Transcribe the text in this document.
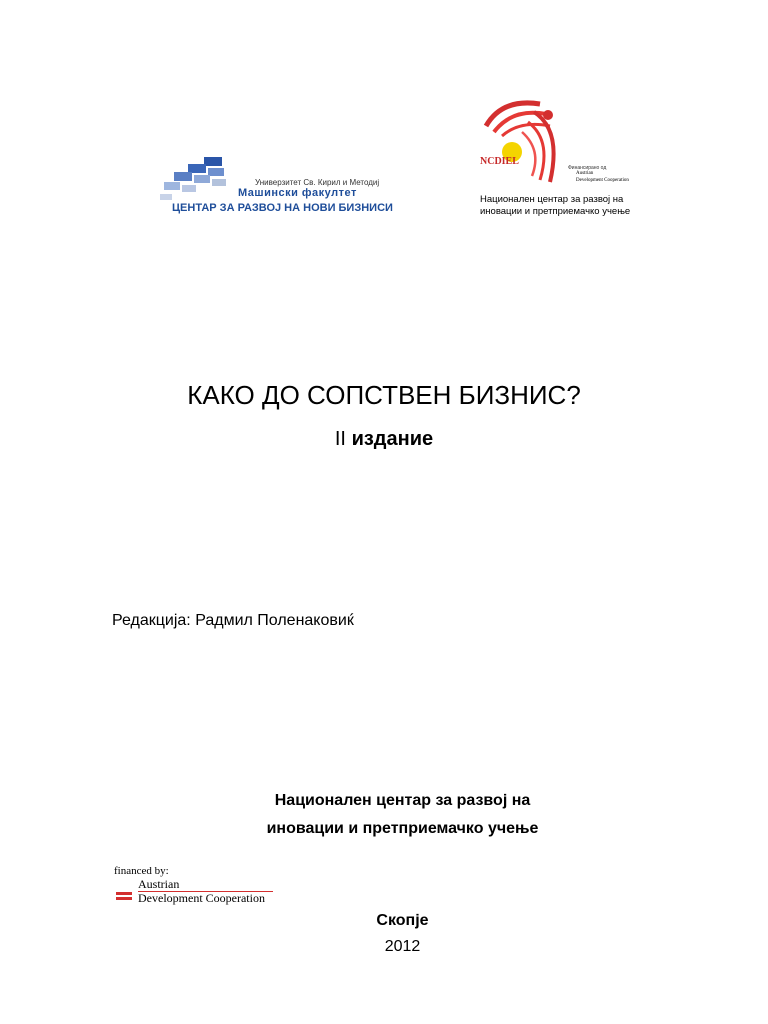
Универзитет Св. Кирил и Методиј
Машински факултет
ЦЕНТАР ЗА РАЗВОЈ НА НОВИ БИЗНИСИ
NCDIEL
Финансирано од
Austrian
Development Cooperation
Национален центар за развој на
иновации и претприемачко учење
КАКО ДО СОПСТВЕН БИЗНИС?
II издание
Редакција: Радмил Поленаковиќ
Национален центар за развој на
иновации и претприемачко учење
financed by:
Austrian
Development Cooperation
Скопје
2012
